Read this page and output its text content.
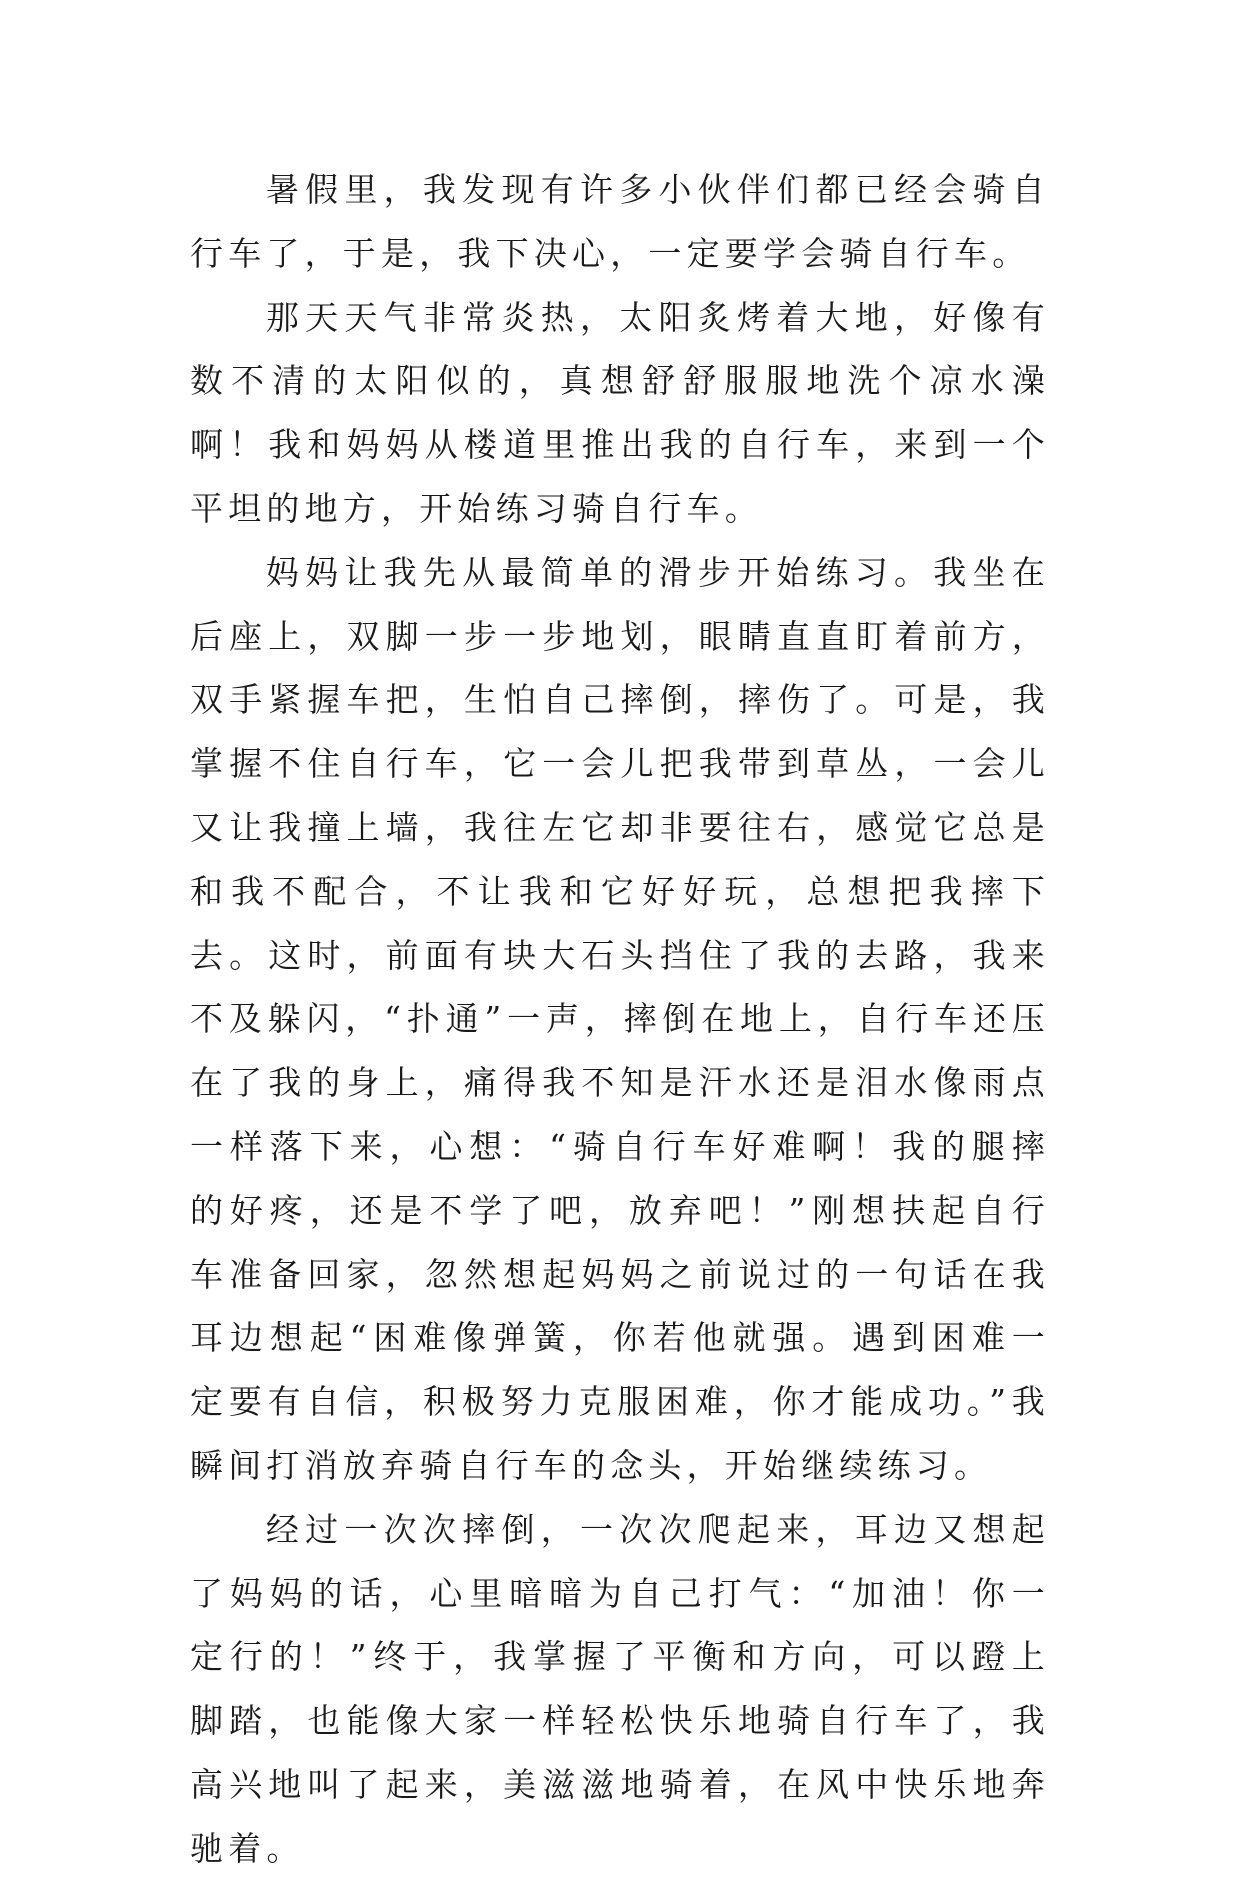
暑假里，我发现有许多小伙伴们都已经会骑自行车了，于是，我下决心，一定要学会骑自行车。

那天天气非常炎热，太阳炙烤着大地，好像有数不清的太阳似的，真想舒舒服服地洗个凉水澡啊！我和妈妈从楼道里推出我的自行车，来到一个平坦的地方，开始练习骑自行车。

妈妈让我先从最简单的滑步开始练习。我坐在后座上，双脚一步一步地划，眼睛直直盯着前方，双手紧握车把，生怕自己摔倒，摔伤了。可是，我掌握不住自行车，它一会儿把我带到草丛，一会儿又让我撞上墙，我往左它却非要往右，感觉它总是和我不配合，不让我和它好好玩，总想把我摔下去。这时，前面有块大石头挡住了我的去路，我来不及躲闪，“扑通”一声，摔倒在地上，自行车还压在了我的身上，痛得我不知是汗水还是泪水像雨点一样落下来，心想：“骑自行车好难啊！我的腿摔的好疼，还是不学了吧，放弃吧！”刚想扶起自行车准备回家，忽然想起妈妈之前说过的一句话在我耳边想起“困难像弹簧，你若他就强。遇到困难一定要有自信，积极努力克服困难，你才能成功。”我瞬间打消放弃骑自行车的念头，开始继续练习。

经过一次次摔倒，一次次爬起来，耳边又想起了妈妈的话，心里暗暗为自己打气：“加油！你一定行的！”终于，我掌握了平衡和方向，可以蹬上脚踏，也能像大家一样轻松快乐地骑自行车了，我高兴地叫了起来，美滋滋地骑着，在风中快乐地奔驰着。
